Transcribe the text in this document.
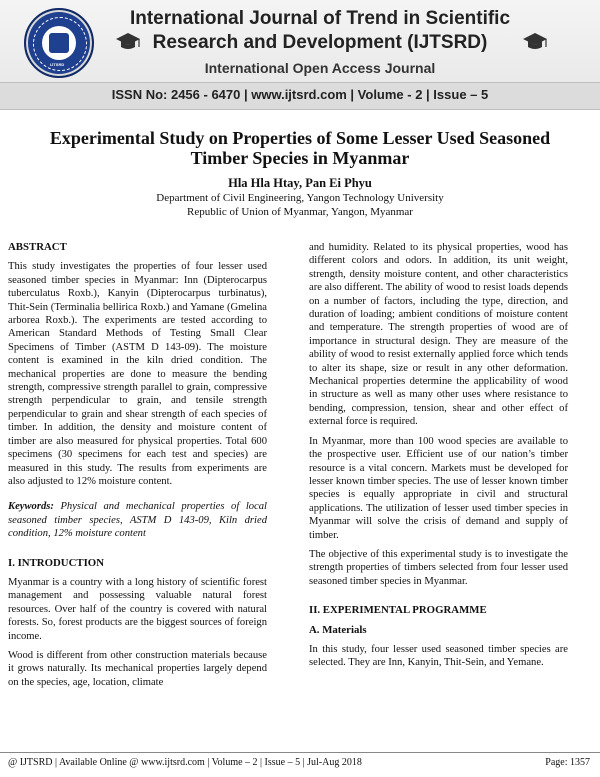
IJTSRD
International Journal of Trend in Scientific
Research and Development (IJTSRD)
International Open Access Journal
ISSN No: 2456 - 6470 | www.ijtsrd.com | Volume - 2 | Issue – 5
Experimental Study on Properties of Some Lesser Used Seasoned
Timber Species in Myanmar
Hla Hla Htay, Pan Ei Phyu
Department of Civil Engineering, Yangon Technology University
Republic of Union of Myanmar, Yangon, Myanmar

ABSTRACT

This study investigates the properties of four lesser used seasoned timber species in Myanmar: Inn (Dipterocarpus tuberculatus Roxb.), Kanyin (Dipterocarpus turbinatus), Thit-Sein (Terminalia bellirica Roxb.) and Yamane (Gmelina arborea Roxb.). The experiments are tested according to American Standard Methods of Testing Small Clear Specimens of Timber (ASTM D 143-09). The moisture content is examined in the kiln dried condition. The mechanical properties are done to measure the bending strength, compressive strength parallel to grain, compressive strength perpendicular to grain, and tensile strength perpendicular to grain and shear strength of each species of timber. In addition, the density and moisture content of timber are also measured for physical properties. Total 600 specimens (30 specimens for each test and species) are measured in this study. The results from experiments are also adjusted to 12% moisture content.

Keywords: Physical and mechanical properties of local seasoned timber species, ASTM D 143-09, Kiln dried condition, 12% moisture content

I. INTRODUCTION

Myanmar is a country with a long history of scientific forest management and possessing valuable natural forest resources. Over half of the country is covered with natural forests. So, forest products are the biggest sources of foreign income.

Wood is different from other construction materials because it grows naturally. Its mechanical properties largely depend on the species, age, location, climate

and humidity. Related to its physical properties, wood has different colors and odors. In addition, its unit weight, strength, density moisture content, and other characteristics are also different. The ability of wood to resist loads depends on a number of factors, including the type, direction, and duration of loading; ambient conditions of moisture content and temperature. The strength properties of wood are of importance in structural design. They are measure of the ability of wood to resist externally applied force which tends to alter its shape, size or result in any other deformation. Mechanical properties determine the applicability of wood in structure as well as many other uses where resistance to bending, compression, tension, shear and other effect of external force is required.

In Myanmar, more than 100 wood species are available to the prospective user. Efficient use of our nation’s timber resource is a vital concern. Markets must be developed for lesser known timber species. The use of lesser known timber species is equally appropriate in civil and structural applications. The utilization of lesser used timber species in Myanmar will solve the crisis of demand and supply of timber.

The objective of this experimental study is to investigate the strength properties of timbers selected from four lesser used seasoned timber species in Myanmar.

II. EXPERIMENTAL PROGRAMME

A. Materials

In this study, four lesser used seasoned timber species are selected. They are Inn, Kanyin, Thit-Sein, and Yemane.

@ IJTSRD | Available Online @ www.ijtsrd.com | Volume – 2 | Issue – 5 | Jul-Aug 2018	Page: 1357
